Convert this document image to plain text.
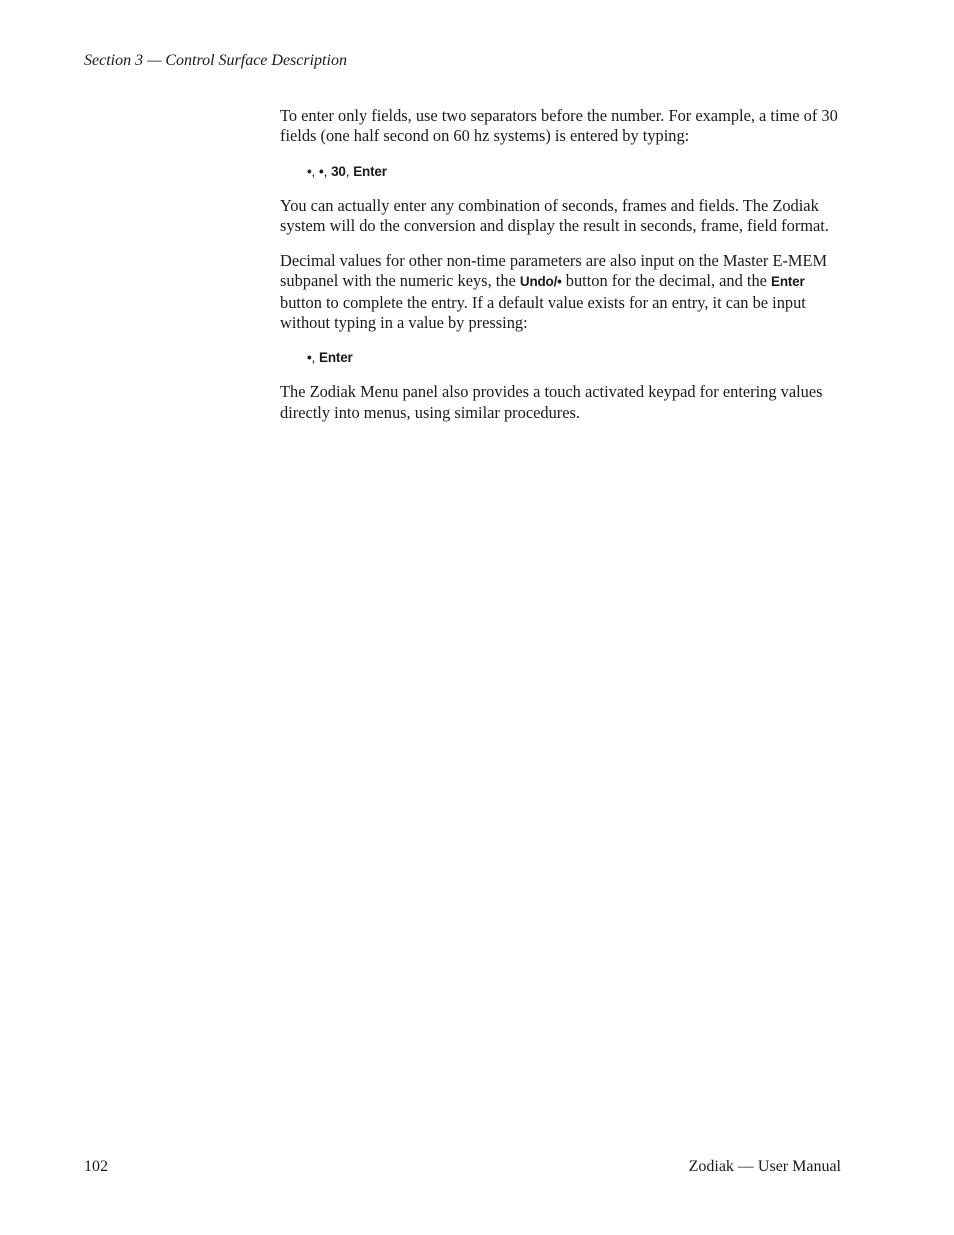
Section 3 — Control Surface Description

To enter only fields, use two separators before the number. For example, a time of 30 fields (one half second on 60 hz systems) is entered by typing:

•, •, 30, Enter

You can actually enter any combination of seconds, frames and fields. The Zodiak system will do the conversion and display the result in seconds, frame, field format.

Decimal values for other non-time parameters are also input on the Master E-MEM subpanel with the numeric keys, the Undo/• button for the decimal, and the Enter button to complete the entry. If a default value exists for an entry, it can be input without typing in a value by pressing:

•, Enter

The Zodiak Menu panel also provides a touch activated keypad for entering values directly into menus, using similar procedures.

102	Zodiak — User Manual
